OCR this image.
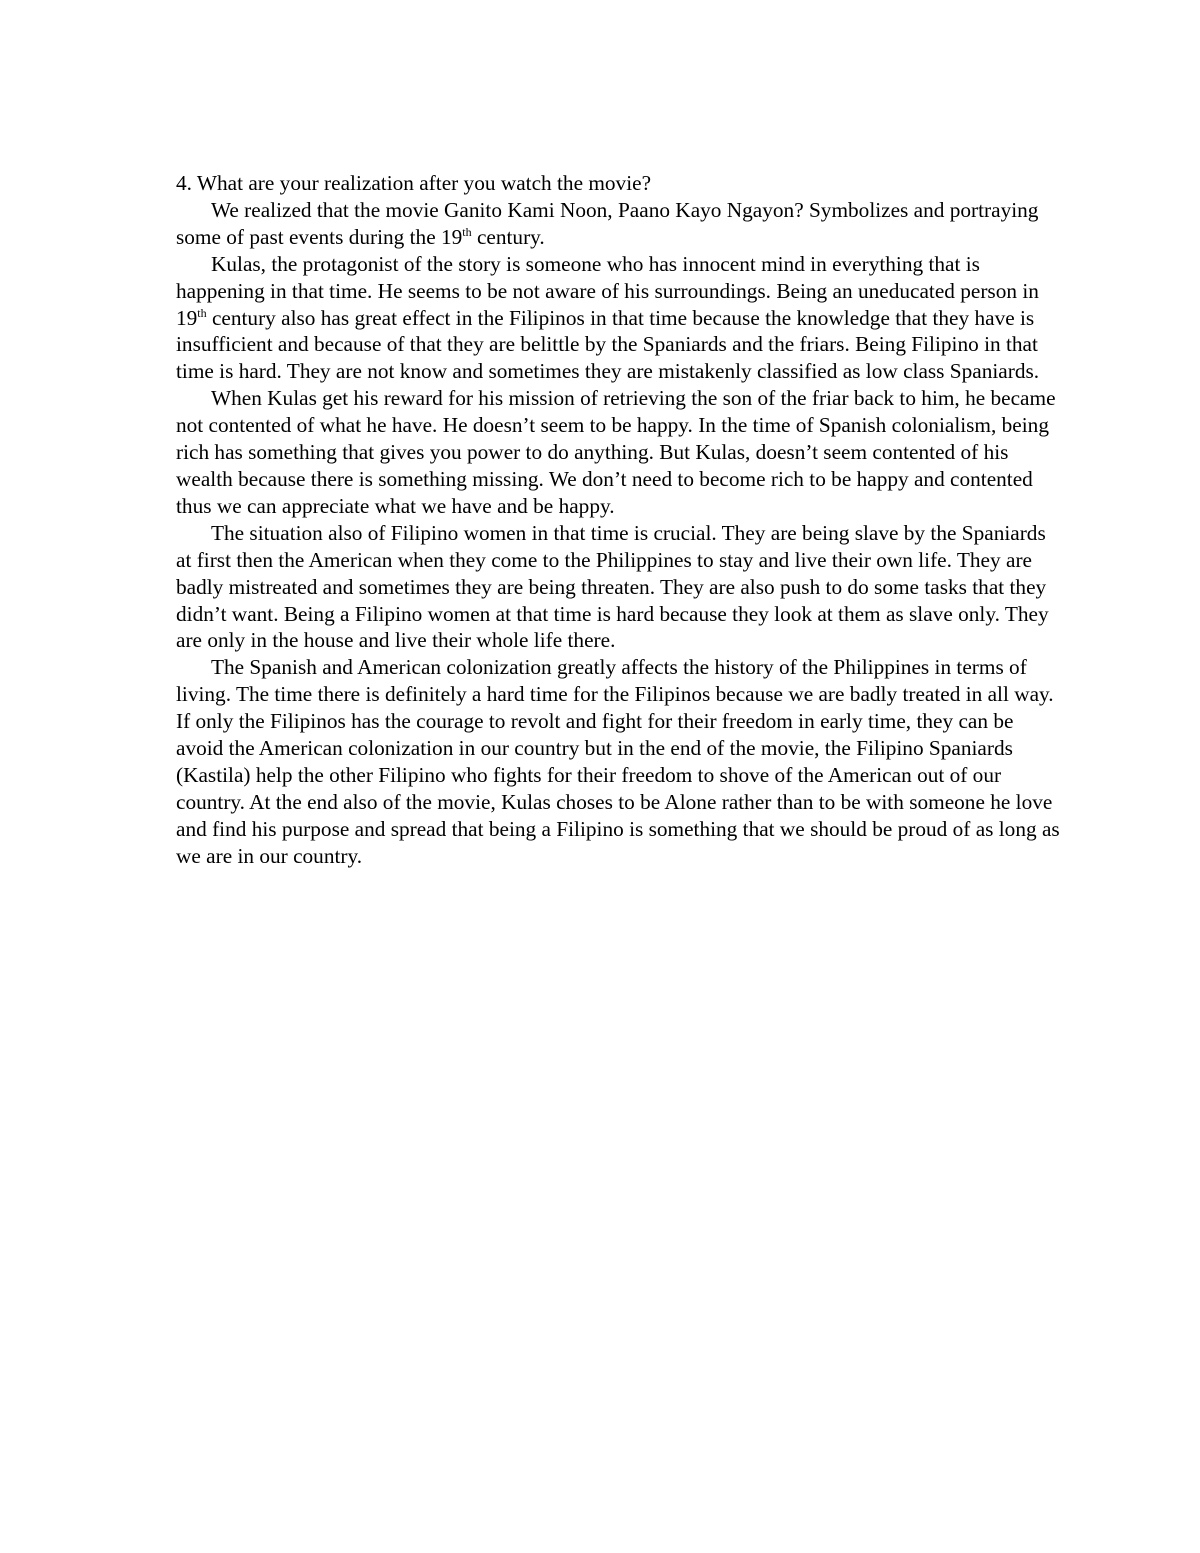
4. What are your realization after you watch the movie?

We realized that the movie Ganito Kami Noon, Paano Kayo Ngayon? Symbolizes and portraying some of past events during the 19th century.

Kulas, the protagonist of the story is someone who has innocent mind in everything that is happening in that time. He seems to be not aware of his surroundings. Being an uneducated person in 19th century also has great effect in the Filipinos in that time because the knowledge that they have is insufficient and because of that they are belittle by the Spaniards and the friars. Being Filipino in that time is hard. They are not know and sometimes they are mistakenly classified as low class Spaniards.

When Kulas get his reward for his mission of retrieving the son of the friar back to him, he became not contented of what he have. He doesn’t seem to be happy. In the time of Spanish colonialism, being rich has something that gives you power to do anything. But Kulas, doesn’t seem contented of his wealth because there is something missing. We don’t need to become rich to be happy and contented thus we can appreciate what we have and be happy.

The situation also of Filipino women in that time is crucial. They are being slave by the Spaniards at first then the American when they come to the Philippines to stay and live their own life. They are badly mistreated and sometimes they are being threaten. They are also push to do some tasks that they didn’t want. Being a Filipino women at that time is hard because they look at them as slave only. They are only in the house and live their whole life there.

The Spanish and American colonization greatly affects the history of the Philippines in terms of living. The time there is definitely a hard time for the Filipinos because we are badly treated in all way. If only the Filipinos has the courage to revolt and fight for their freedom in early time, they can be avoid the American colonization in our country but in the end of the movie, the Filipino Spaniards (Kastila) help the other Filipino who fights for their freedom to shove of the American out of our country. At the end also of the movie, Kulas choses to be Alone rather than to be with someone he love and find his purpose and spread that being a Filipino is something that we should be proud of as long as we are in our country.
